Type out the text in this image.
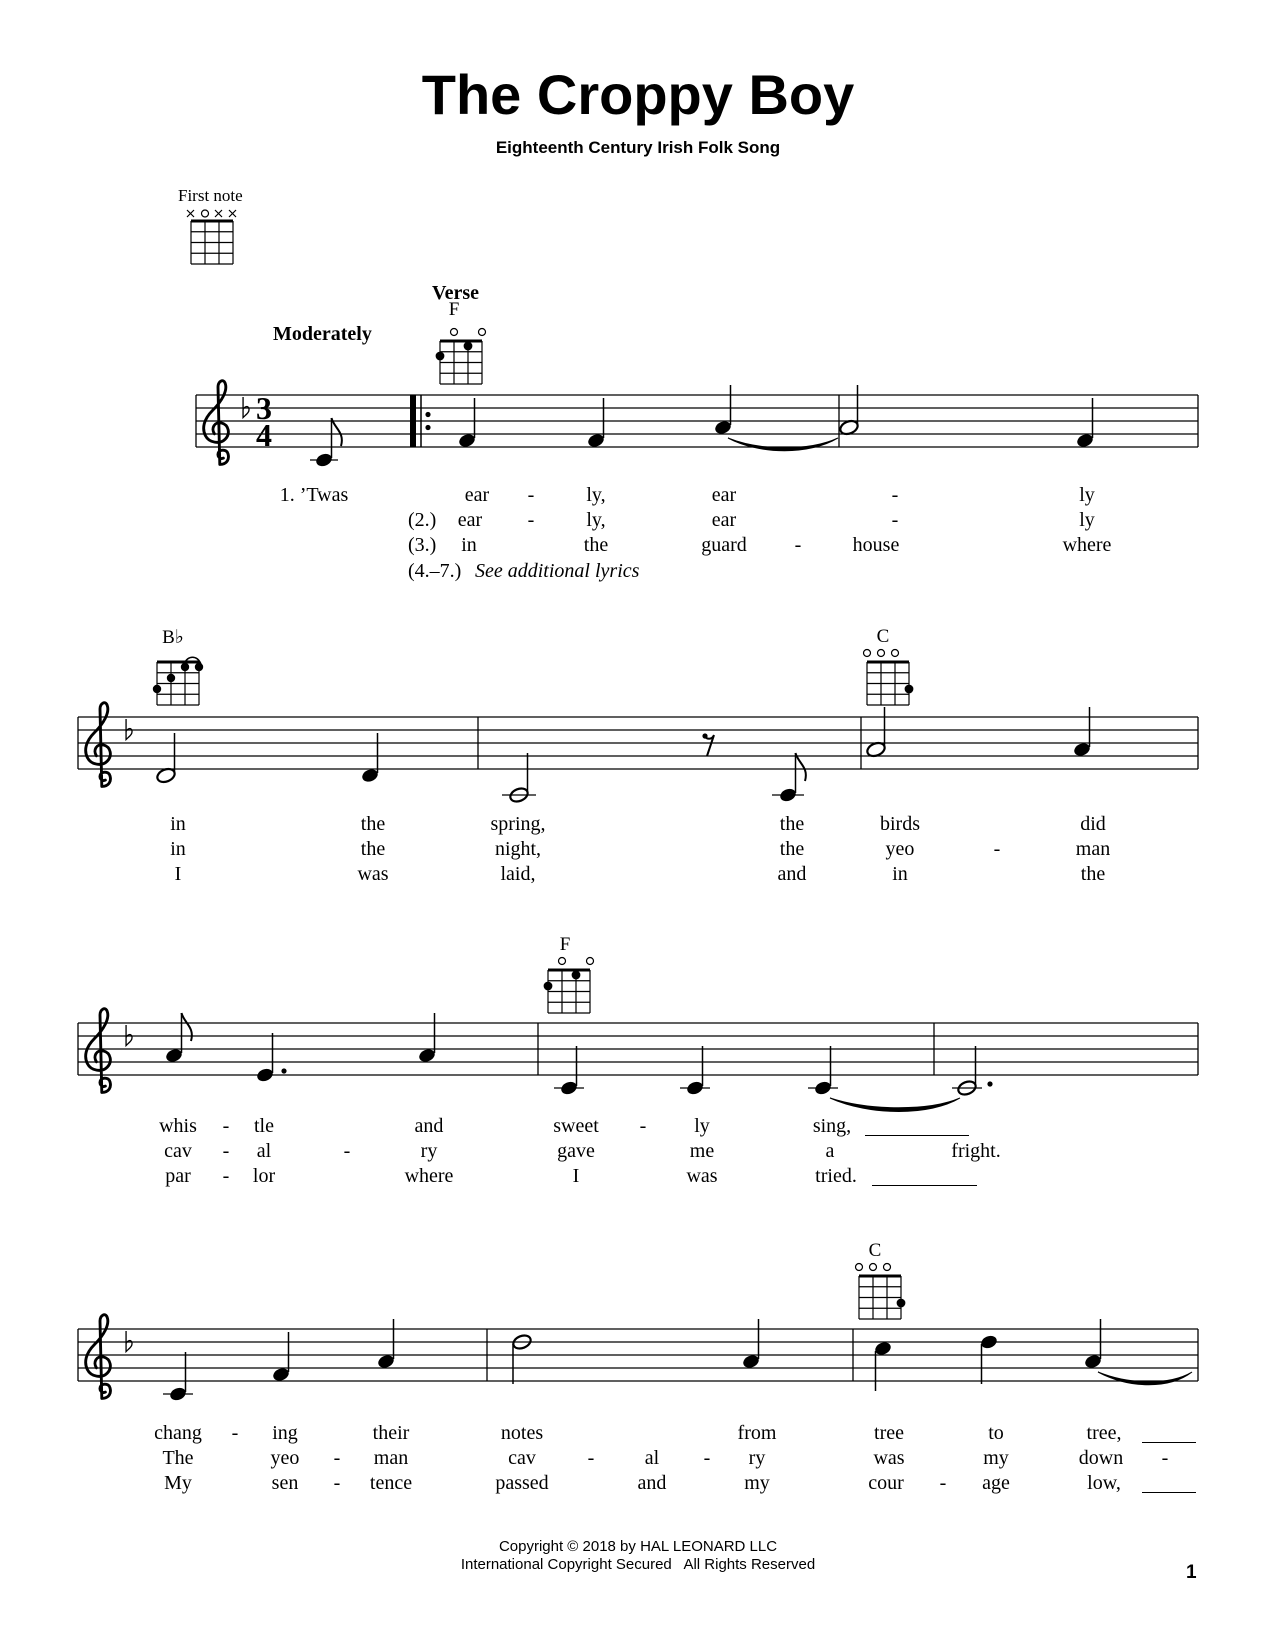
The Croppy Boy
Eighteenth Century Irish Folk Song
First note
Moderately
Verse
F
B♭	C
F
C
3
4
1. ’Twas	ear -	ly,	ear	-	ly
(2.) ear -	ly,	ear	-	ly
(3.) in	the	guard -	house	where
(4.–7.) See additional lyrics
in	the	spring,	the	birds	did
in	the	night,	the	yeo	-	man
I	was	laid,	and	in	the
whis - tle	and	sweet - ly	sing,
cav - al	-	ry	gave	me	a	fright.
par - lor	where	I	was	tried.
chang - ing	their	notes	from	tree	to	tree,
The	yeo - man	cav	-	al - ry	was	my	down -
My	sen - tence	passed	and	my	cour - age	low,
Copyright © 2018 by HAL LEONARD LLC
International Copyright Secured   All Rights Reserved	1
